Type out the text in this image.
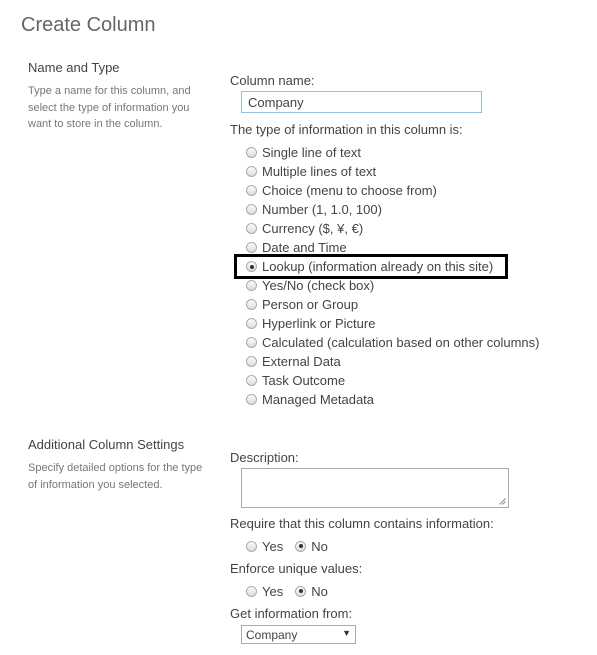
Create Column
Name and Type
Type a name for this column, and select the type of information you want to store in the column.
Column name:
Company
The type of information in this column is:
Single line of text
Multiple lines of text
Choice (menu to choose from)
Number (1, 1.0, 100)
Currency ($, ¥, €)
Date and Time
Lookup (information already on this site)
Yes/No (check box)
Person or Group
Hyperlink or Picture
Calculated (calculation based on other columns)
External Data
Task Outcome
Managed Metadata
Additional Column Settings
Specify detailed options for the type of information you selected.
Description:
Require that this column contains information:
Yes No
Enforce unique values:
Yes No
Get information from:
Company	▼
